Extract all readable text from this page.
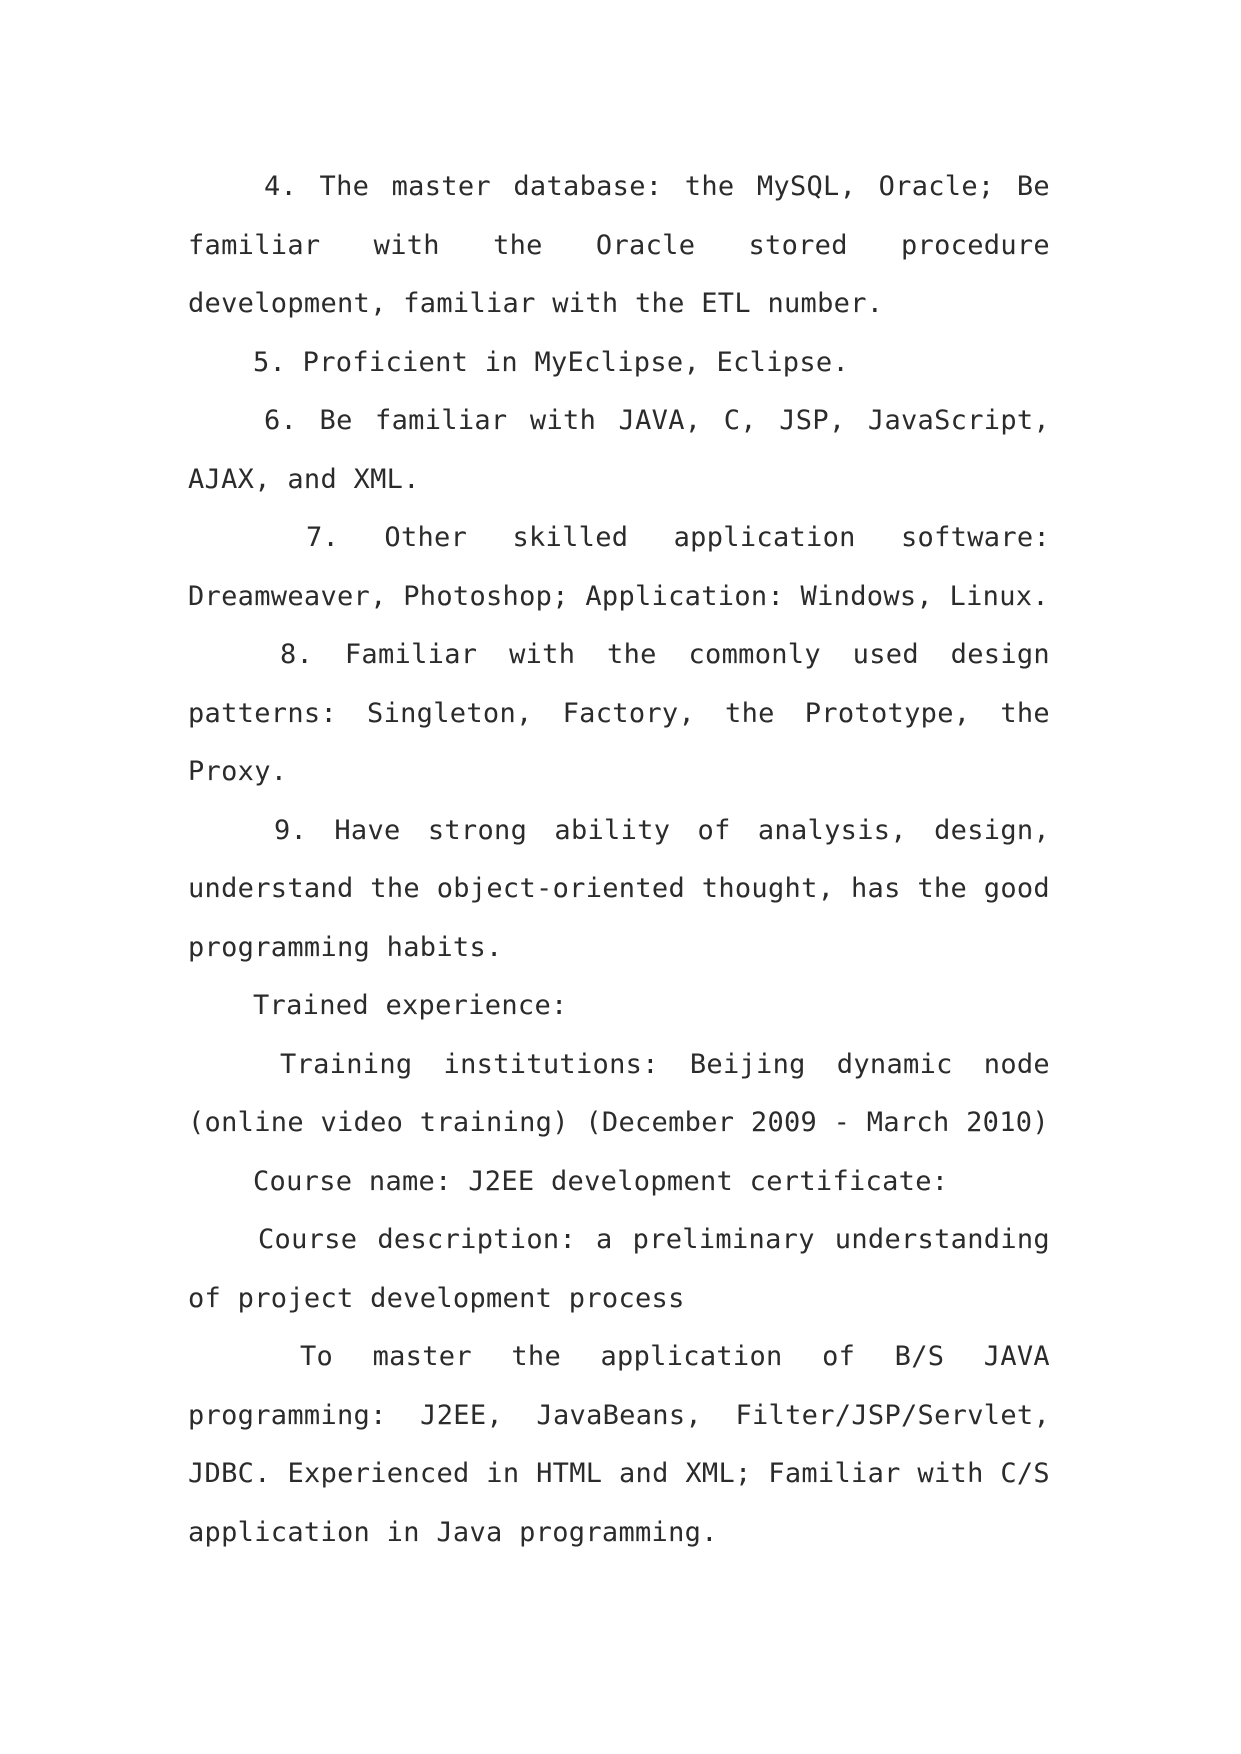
4. The master database: the MySQL, Oracle; Be familiar with the Oracle stored procedure development, familiar with the ETL number.

5. Proficient in MyEclipse, Eclipse.

6. Be familiar with JAVA, C, JSP, JavaScript, AJAX, and XML.

7. Other skilled application software: Dreamweaver, Photoshop; Application: Windows, Linux.

8. Familiar with the commonly used design patterns: Singleton, Factory, the Prototype, the Proxy.

9. Have strong ability of analysis, design, understand the object-oriented thought, has the good programming habits.

Trained experience:

Training institutions: Beijing dynamic node (online video training) (December 2009 - March 2010)

Course name: J2EE development certificate:

Course description: a preliminary understanding of project development process

To master the application of B/S JAVA programming: J2EE, JavaBeans, Filter/JSP/Servlet, JDBC. Experienced in HTML and XML; Familiar with C/S application in Java programming.
